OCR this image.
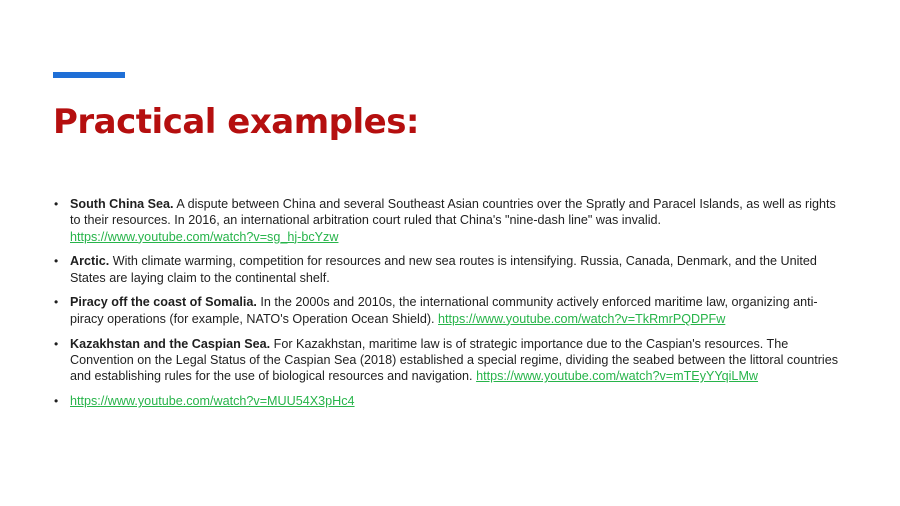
Practical examples:
• South China Sea. A dispute between China and several Southeast Asian countries over the Spratly and Paracel Islands, as well as rights to their resources. In 2016, an international arbitration court ruled that China's "nine-dash line" was invalid. https://www.youtube.com/watch?v=sg_hj-bcYzw
• Arctic. With climate warming, competition for resources and new sea routes is intensifying. Russia, Canada, Denmark, and the United States are laying claim to the continental shelf.
• Piracy off the coast of Somalia. In the 2000s and 2010s, the international community actively enforced maritime law, organizing anti-piracy operations (for example, NATO's Operation Ocean Shield). https://www.youtube.com/watch?v=TkRmrPQDPFw
• Kazakhstan and the Caspian Sea. For Kazakhstan, maritime law is of strategic importance due to the Caspian's resources. The Convention on the Legal Status of the Caspian Sea (2018) established a special regime, dividing the seabed between the littoral countries and establishing rules for the use of biological resources and navigation. https://www.youtube.com/watch?v=mTEyYYqiLMw
• https://www.youtube.com/watch?v=MUU54X3pHc4
